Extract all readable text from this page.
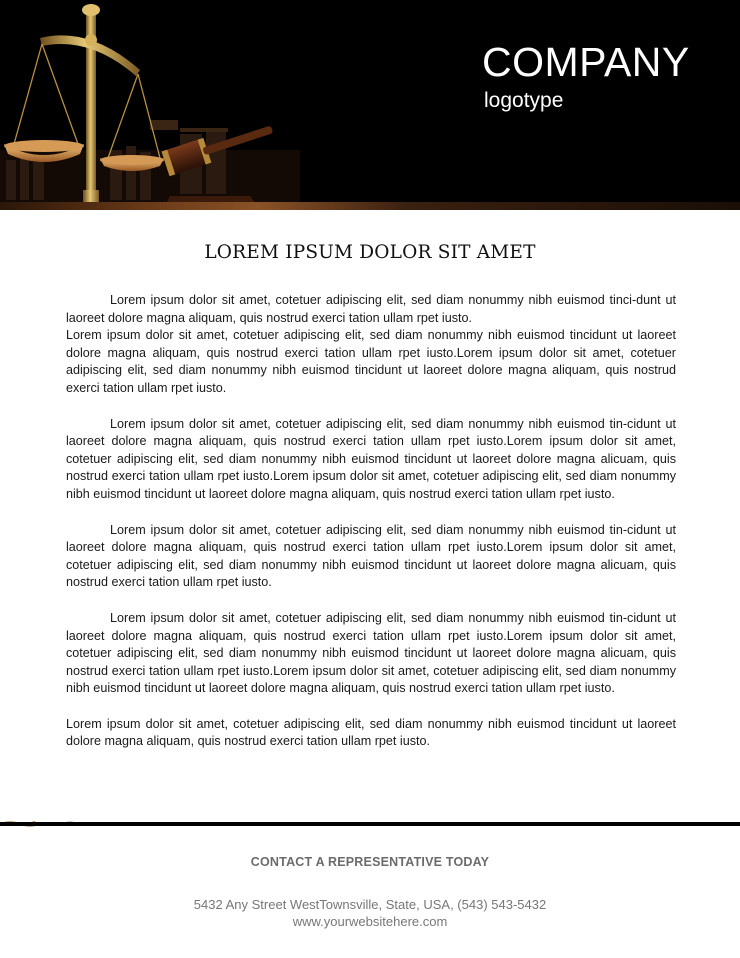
COMPANY
logotype
LOREM IPSUM DOLOR SIT AMET

Lorem ipsum dolor sit amet, cotetuer adipiscing elit, sed diam nonummy nibh euismod tinci-dunt ut laoreet dolore magna aliquam, quis nostrud exerci tation ullam rpet iusto.

Lorem ipsum dolor sit amet, cotetuer adipiscing elit, sed diam nonummy nibh euismod tincidunt ut laoreet dolore magna aliquam, quis nostrud exerci tation ullam rpet iusto.Lorem ipsum dolor sit amet, cotetuer adipiscing elit, sed diam nonummy nibh euismod tincidunt ut laoreet dolore magna aliquam, quis nostrud exerci tation ullam rpet iusto.

Lorem ipsum dolor sit amet, cotetuer adipiscing elit, sed diam nonummy nibh euismod tin-cidunt ut laoreet dolore magna aliquam, quis nostrud exerci tation ullam rpet iusto.Lorem ipsum dolor sit amet, cotetuer adipiscing elit, sed diam nonummy nibh euismod tincidunt ut laoreet dolore magna alicuam, quis nostrud exerci tation ullam rpet iusto.Lorem ipsum dolor sit amet, cotetuer adipiscing elit, sed diam nonummy nibh euismod tincidunt ut laoreet dolore magna aliquam, quis nostrud exerci tation ullam rpet iusto.

Lorem ipsum dolor sit amet, cotetuer adipiscing elit, sed diam nonummy nibh euismod tin-cidunt ut laoreet dolore magna aliquam, quis nostrud exerci tation ullam rpet iusto.Lorem ipsum dolor sit amet, cotetuer adipiscing elit, sed diam nonummy nibh euismod tincidunt ut laoreet dolore magna alicuam, quis nostrud exerci tation ullam rpet iusto.

Lorem ipsum dolor sit amet, cotetuer adipiscing elit, sed diam nonummy nibh euismod tin-cidunt ut laoreet dolore magna aliquam, quis nostrud exerci tation ullam rpet iusto.Lorem ipsum dolor sit amet, cotetuer adipiscing elit, sed diam nonummy nibh euismod tincidunt ut laoreet dolore magna alicuam, quis nostrud exerci tation ullam rpet iusto.Lorem ipsum dolor sit amet, cotetuer adipiscing elit, sed diam nonummy nibh euismod tincidunt ut laoreet dolore magna aliquam, quis nostrud exerci tation ullam rpet iusto.

Lorem ipsum dolor sit amet, cotetuer adipiscing elit, sed diam nonummy nibh euismod tincidunt ut laoreet dolore magna aliquam, quis nostrud exerci tation ullam rpet iusto.

CONTACT A REPRESENTATIVE TODAY
5432 Any Street WestTownsville, State, USA, (543) 543-5432
www.yourwebsitehere.com
